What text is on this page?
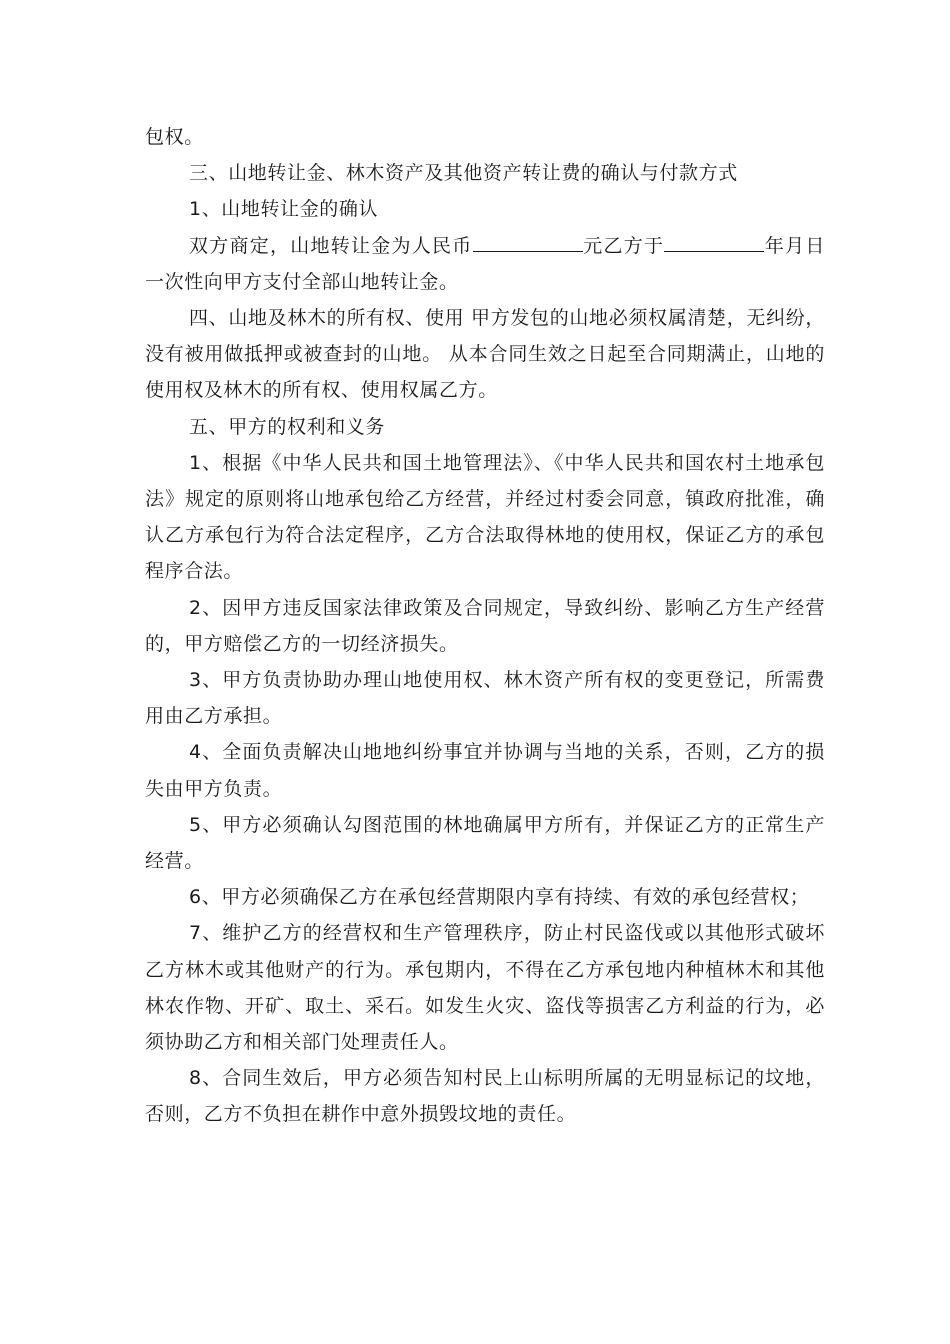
包权。

三、山地转让金、林木资产及其他资产转让费的确认与付款方式

1、山地转让金的确认

双方商定，山地转让金为人民币	元乙方于	年月日一次性向甲方支付全部山地转让金。

四、山地及林木的所有权、使用 甲方发包的山地必须权属清楚，无纠纷，没有被用做抵押或被查封的山地。 从本合同生效之日起至合同期满止，山地的使用权及林木的所有权、使用权属乙方。

五、甲方的权利和义务

1、根据《中华人民共和国土地管理法》、《中华人民共和国农村土地承包法》规定的原则将山地承包给乙方经营，并经过村委会同意，镇政府批准，确认乙方承包行为符合法定程序，乙方合法取得林地的使用权，保证乙方的承包程序合法。

2、因甲方违反国家法律政策及合同规定，导致纠纷、影响乙方生产经营的，甲方赔偿乙方的一切经济损失。

3、甲方负责协助办理山地使用权、林木资产所有权的变更登记，所需费用由乙方承担。

4、全面负责解决山地地纠纷事宜并协调与当地的关系，否则，乙方的损失由甲方负责。

5、甲方必须确认勾图范围的林地确属甲方所有，并保证乙方的正常生产经营。

6、甲方必须确保乙方在承包经营期限内享有持续、有效的承包经营权；

7、维护乙方的经营权和生产管理秩序，防止村民盗伐或以其他形式破坏乙方林木或其他财产的行为。承包期内，不得在乙方承包地内种植林木和其他林农作物、开矿、取土、采石。如发生火灾、盗伐等损害乙方利益的行为，必须协助乙方和相关部门处理责任人。

8、合同生效后，甲方必须告知村民上山标明所属的无明显标记的坟地，否则，乙方不负担在耕作中意外损毁坟地的责任。
